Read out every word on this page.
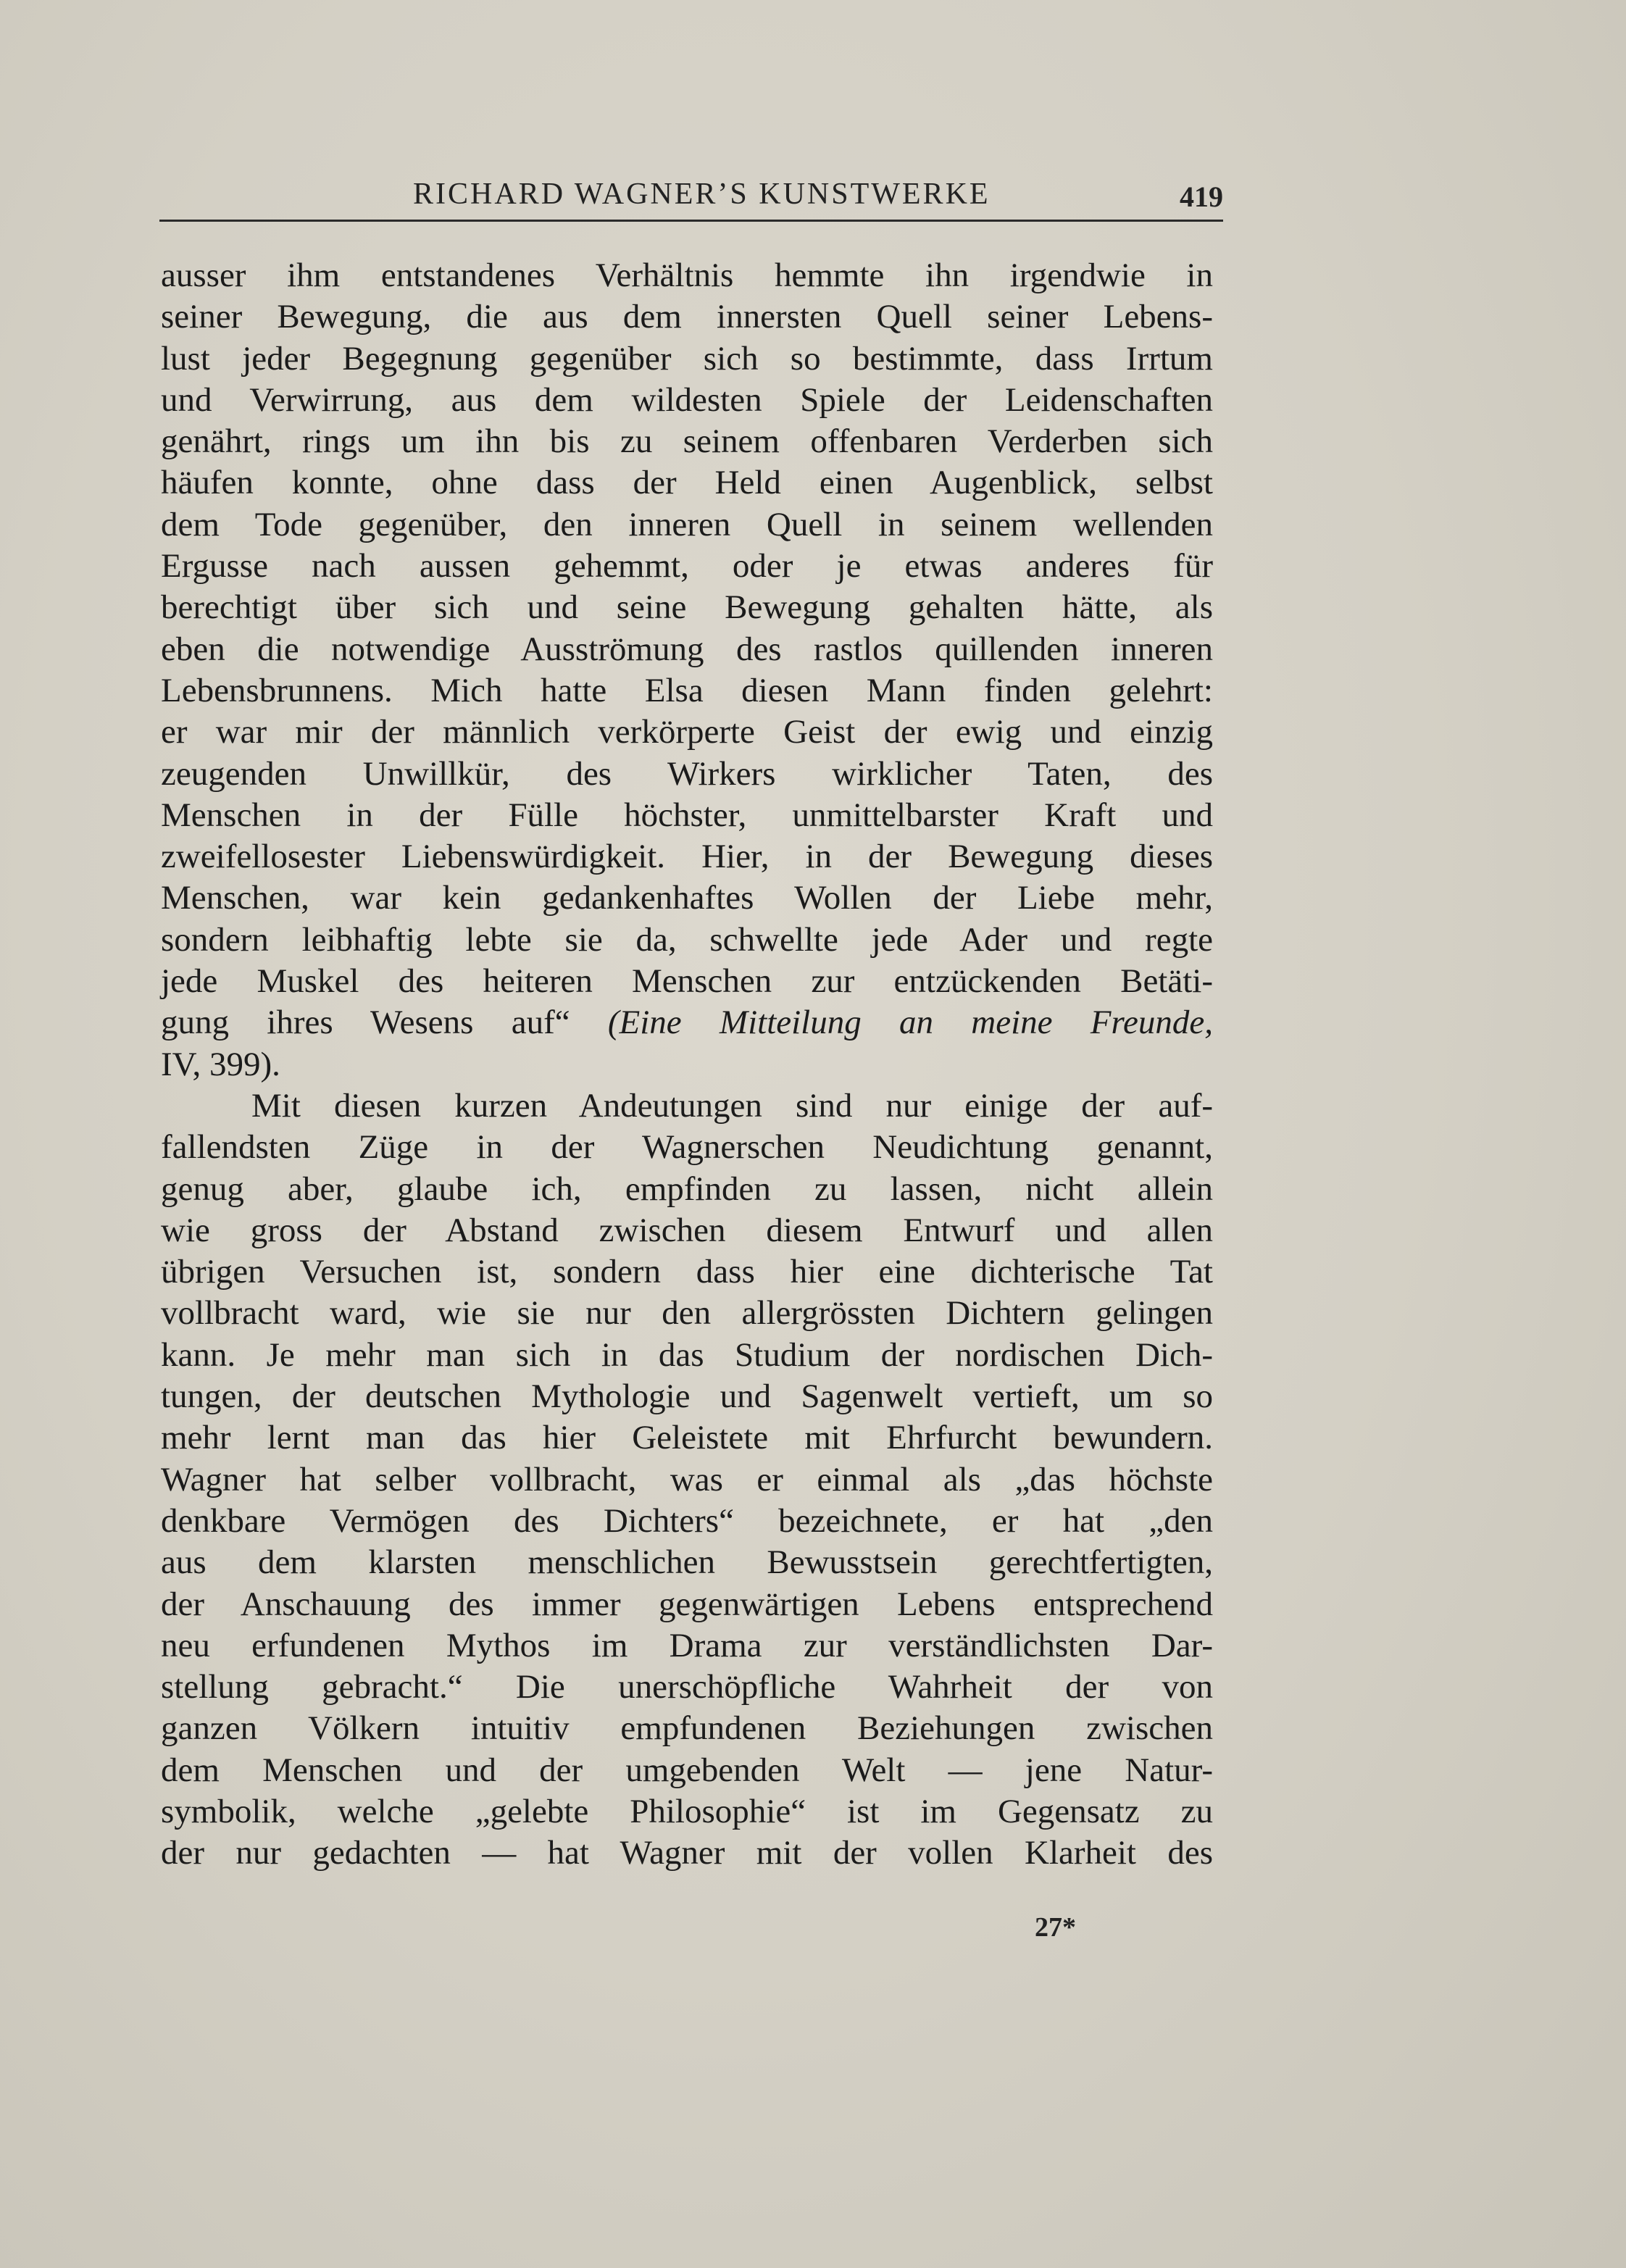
RICHARD WAGNER’S KUNSTWERKE	419
ausser ihm entstandenes Verhältnis hemmte ihn irgendwie in
seiner Bewegung, die aus dem innersten Quell seiner Lebens-
lust jeder Begegnung gegenüber sich so bestimmte, dass Irrtum
und Verwirrung, aus dem wildesten Spiele der Leidenschaften
genährt, rings um ihn bis zu seinem offenbaren Verderben sich
häufen konnte, ohne dass der Held einen Augenblick, selbst
dem Tode gegenüber, den inneren Quell in seinem wellenden
Ergusse nach aussen gehemmt, oder je etwas anderes für
berechtigt über sich und seine Bewegung gehalten hätte, als
eben die notwendige Ausströmung des rastlos quillenden inneren
Lebensbrunnens. Mich hatte Elsa diesen Mann finden gelehrt:
er war mir der männlich verkörperte Geist der ewig und einzig
zeugenden Unwillkür, des Wirkers wirklicher Taten, des
Menschen in der Fülle höchster, unmittelbarster Kraft und
zweifellosester Liebenswürdigkeit. Hier, in der Bewegung dieses
Menschen, war kein gedankenhaftes Wollen der Liebe mehr,
sondern leibhaftig lebte sie da, schwellte jede Ader und regte
jede Muskel des heiteren Menschen zur entzückenden Betäti-
gung ihres Wesens auf“ (Eine Mitteilung an meine Freunde,
IV, 399).
Mit diesen kurzen Andeutungen sind nur einige der auf-
fallendsten Züge in der Wagnerschen Neudichtung genannt,
genug aber, glaube ich, empfinden zu lassen, nicht allein
wie gross der Abstand zwischen diesem Entwurf und allen
übrigen Versuchen ist, sondern dass hier eine dichterische Tat
vollbracht ward, wie sie nur den allergrössten Dichtern gelingen
kann. Je mehr man sich in das Studium der nordischen Dich-
tungen, der deutschen Mythologie und Sagenwelt vertieft, um so
mehr lernt man das hier Geleistete mit Ehrfurcht bewundern.
Wagner hat selber vollbracht, was er einmal als „das höchste
denkbare Vermögen des Dichters“ bezeichnete, er hat „den
aus dem klarsten menschlichen Bewusstsein gerechtfertigten,
der Anschauung des immer gegenwärtigen Lebens entsprechend
neu erfundenen Mythos im Drama zur verständlichsten Dar-
stellung gebracht.“ Die unerschöpfliche Wahrheit der von
ganzen Völkern intuitiv empfundenen Beziehungen zwischen
dem Menschen und der umgebenden Welt — jene Natur-
symbolik, welche „gelebte Philosophie“ ist im Gegensatz zu
der nur gedachten — hat Wagner mit der vollen Klarheit des
27*
